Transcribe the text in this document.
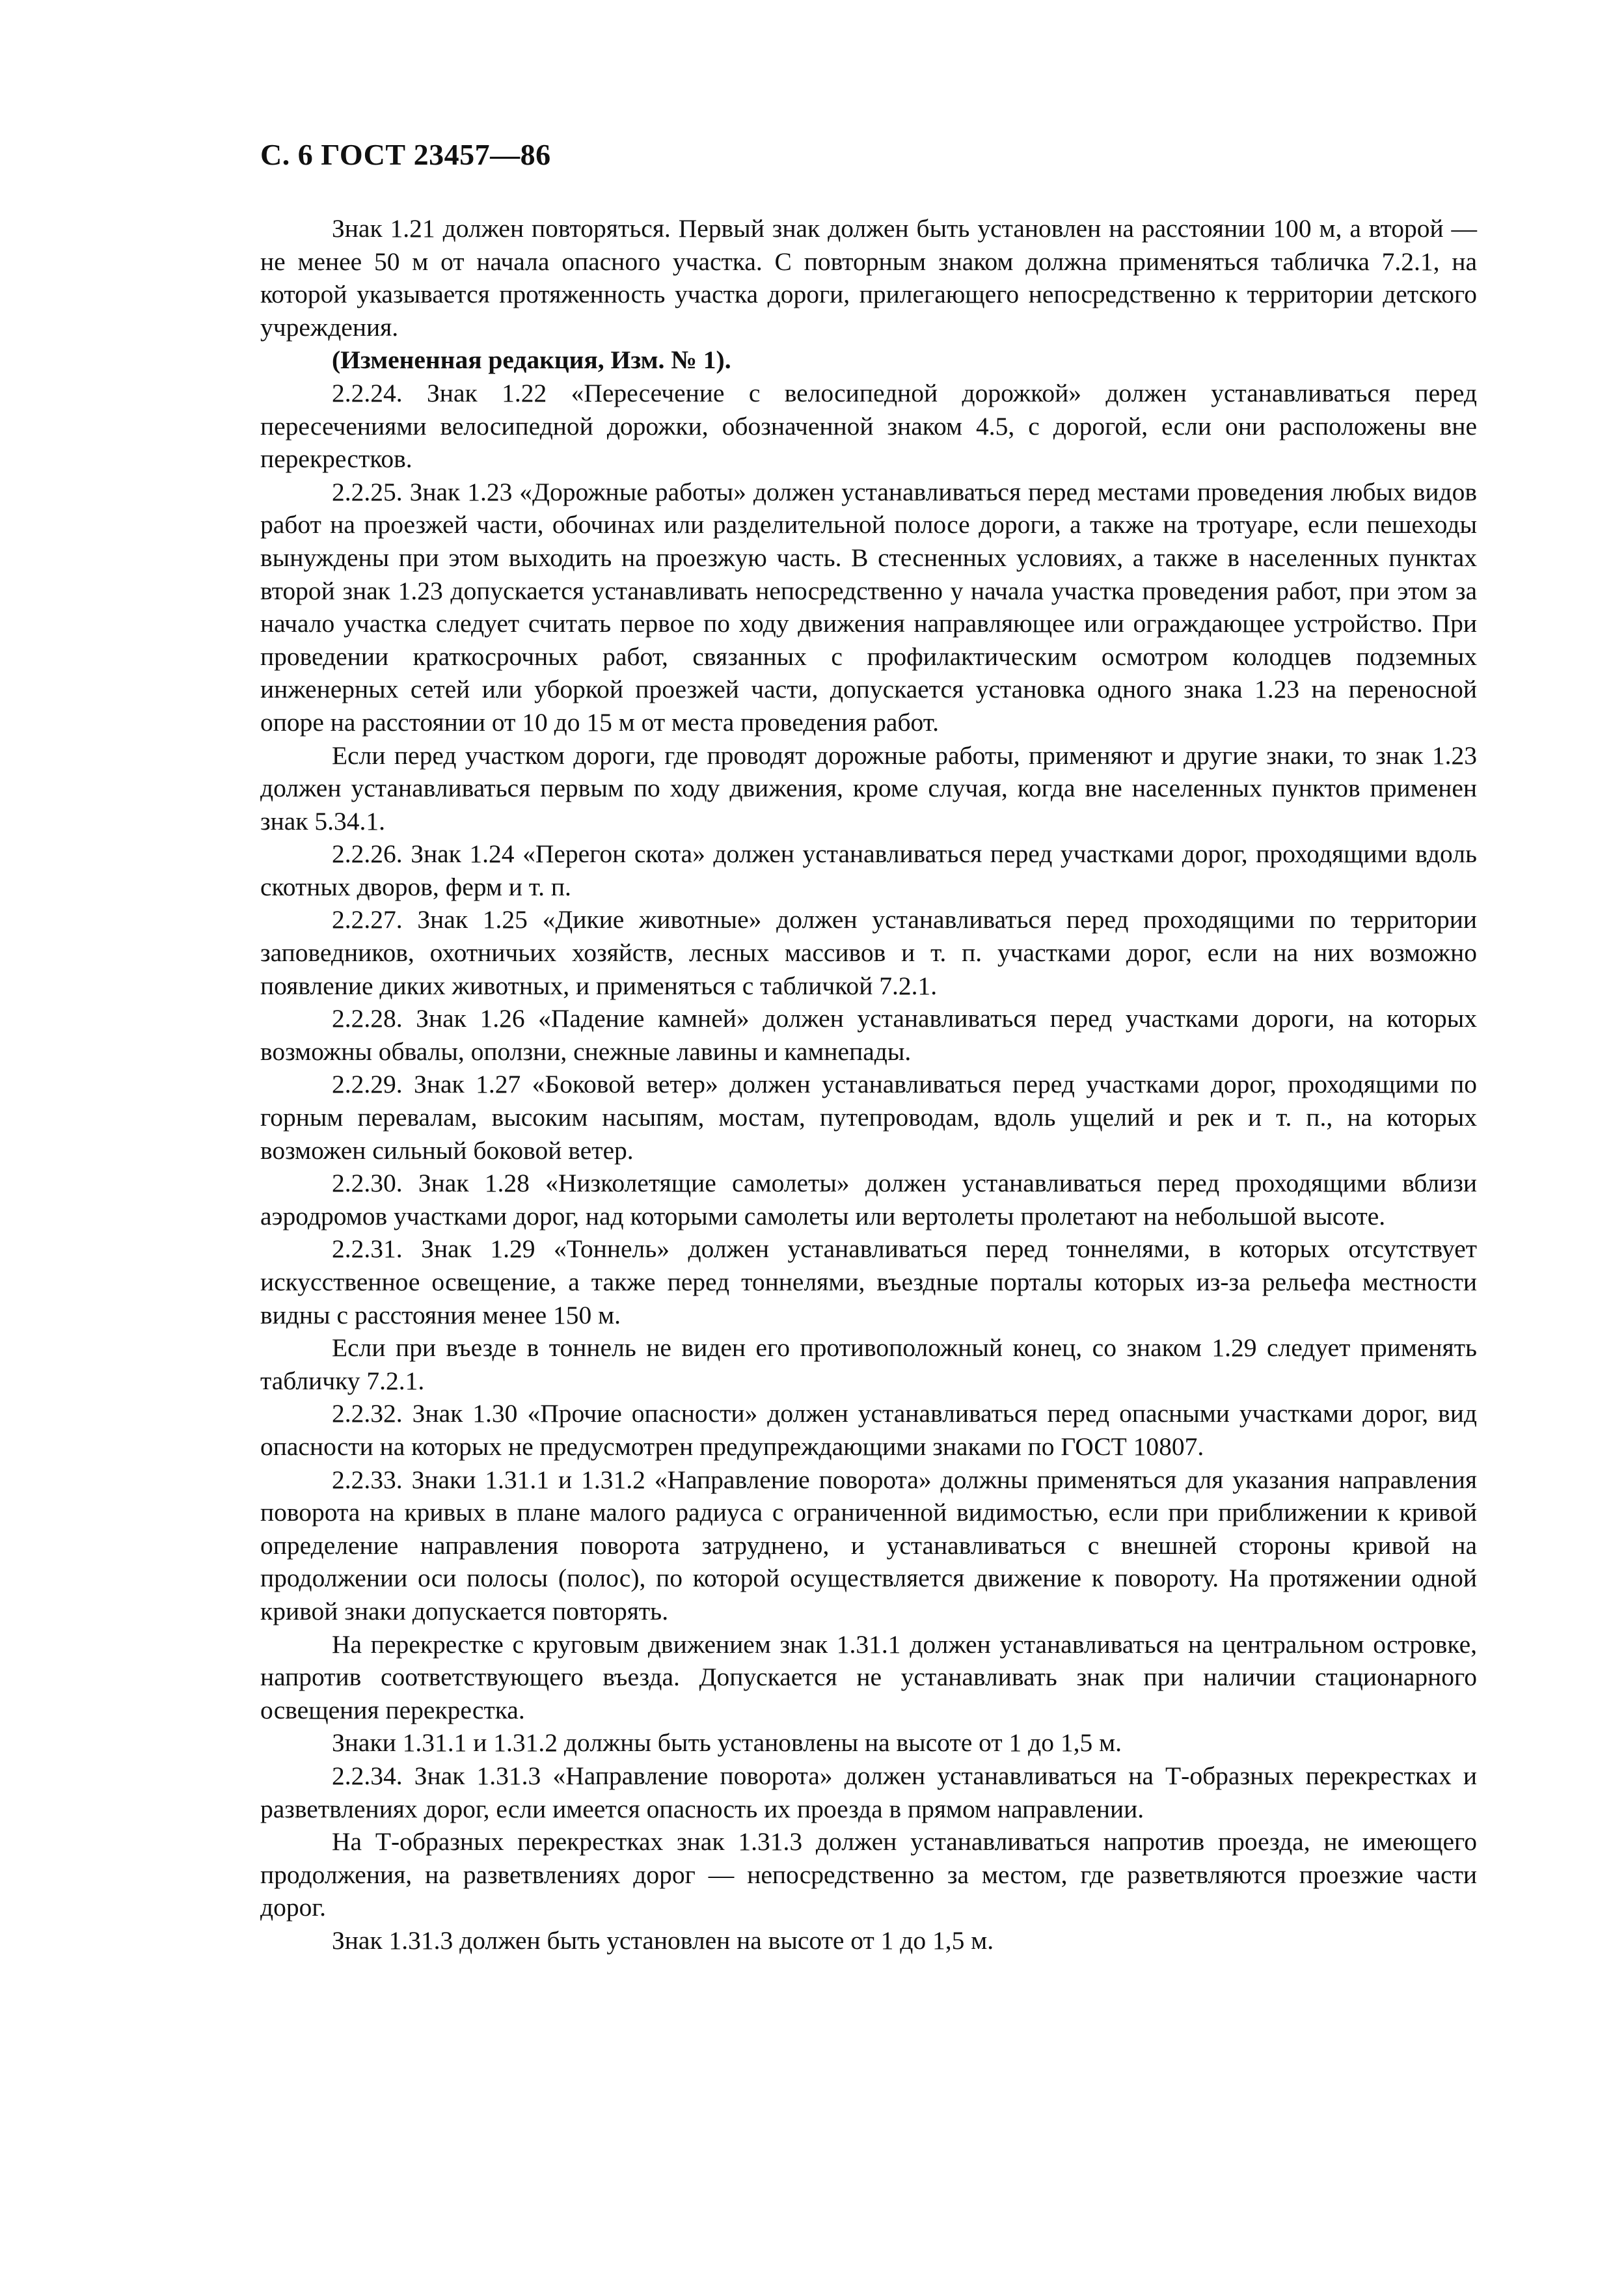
С. 6 ГОСТ 23457—86

Знак 1.21 должен повторяться. Первый знак должен быть установлен на расстоянии 100 м, а второй — не менее 50 м от начала опасного участка. С повторным знаком должна применяться табличка 7.2.1, на которой указывается протяженность участка дороги, прилегающего непосредственно к территории детского учреждения.

(Измененная редакция, Изм. № 1).

2.2.24. Знак 1.22 «Пересечение с велосипедной дорожкой» должен устанавливаться перед пересечениями велосипедной дорожки, обозначенной знаком 4.5, с дорогой, если они расположены вне перекрестков.

2.2.25. Знак 1.23 «Дорожные работы» должен устанавливаться перед местами проведения любых видов работ на проезжей части, обочинах или разделительной полосе дороги, а также на тротуаре, если пешеходы вынуждены при этом выходить на проезжую часть. В стесненных условиях, а также в населенных пунктах второй знак 1.23 допускается устанавливать непосредственно у начала участка проведения работ, при этом за начало участка следует считать первое по ходу движения направляющее или ограждающее устройство. При проведении краткосрочных работ, связанных с профилактическим осмотром колодцев подземных инженерных сетей или уборкой проезжей части, допускается установка одного знака 1.23 на переносной опоре на расстоянии от 10 до 15 м от места проведения работ.

Если перед участком дороги, где проводят дорожные работы, применяют и другие знаки, то знак 1.23 должен устанавливаться первым по ходу движения, кроме случая, когда вне населенных пунктов применен знак 5.34.1.

2.2.26. Знак 1.24 «Перегон скота» должен устанавливаться перед участками дорог, проходящими вдоль скотных дворов, ферм и т. п.

2.2.27. Знак 1.25 «Дикие животные» должен устанавливаться перед проходящими по территории заповедников, охотничьих хозяйств, лесных массивов и т. п. участками дорог, если на них возможно появление диких животных, и применяться с табличкой 7.2.1.

2.2.28. Знак 1.26 «Падение камней» должен устанавливаться перед участками дороги, на которых возможны обвалы, оползни, снежные лавины и камнепады.

2.2.29. Знак 1.27 «Боковой ветер» должен устанавливаться перед участками дорог, проходящими по горным перевалам, высоким насыпям, мостам, путепроводам, вдоль ущелий и рек и т. п., на которых возможен сильный боковой ветер.

2.2.30. Знак 1.28 «Низколетящие самолеты» должен устанавливаться перед проходящими вблизи аэродромов участками дорог, над которыми самолеты или вертолеты пролетают на небольшой высоте.

2.2.31. Знак 1.29 «Тоннель» должен устанавливаться перед тоннелями, в которых отсутствует искусственное освещение, а также перед тоннелями, въездные порталы которых из-за рельефа местности видны с расстояния менее 150 м.

Если при въезде в тоннель не виден его противоположный конец, со знаком 1.29 следует применять табличку 7.2.1.

2.2.32. Знак 1.30 «Прочие опасности» должен устанавливаться перед опасными участками дорог, вид опасности на которых не предусмотрен предупреждающими знаками по ГОСТ 10807.

2.2.33. Знаки 1.31.1 и 1.31.2 «Направление поворота» должны применяться для указания направления поворота на кривых в плане малого радиуса с ограниченной видимостью, если при приближении к кривой определение направления поворота затруднено, и устанавливаться с внешней стороны кривой на продолжении оси полосы (полос), по которой осуществляется движение к повороту. На протяжении одной кривой знаки допускается повторять.

На перекрестке с круговым движением знак 1.31.1 должен устанавливаться на центральном островке, напротив соответствующего въезда. Допускается не устанавливать знак при наличии стационарного освещения перекрестка.

Знаки 1.31.1 и 1.31.2 должны быть установлены на высоте от 1 до 1,5 м.

2.2.34. Знак 1.31.3 «Направление поворота» должен устанавливаться на Т-образных перекрестках и разветвлениях дорог, если имеется опасность их проезда в прямом направлении.

На Т-образных перекрестках знак 1.31.3 должен устанавливаться напротив проезда, не имеющего продолжения, на разветвлениях дорог — непосредственно за местом, где разветвляются проезжие части дорог.

Знак 1.31.3 должен быть установлен на высоте от 1 до 1,5 м.
